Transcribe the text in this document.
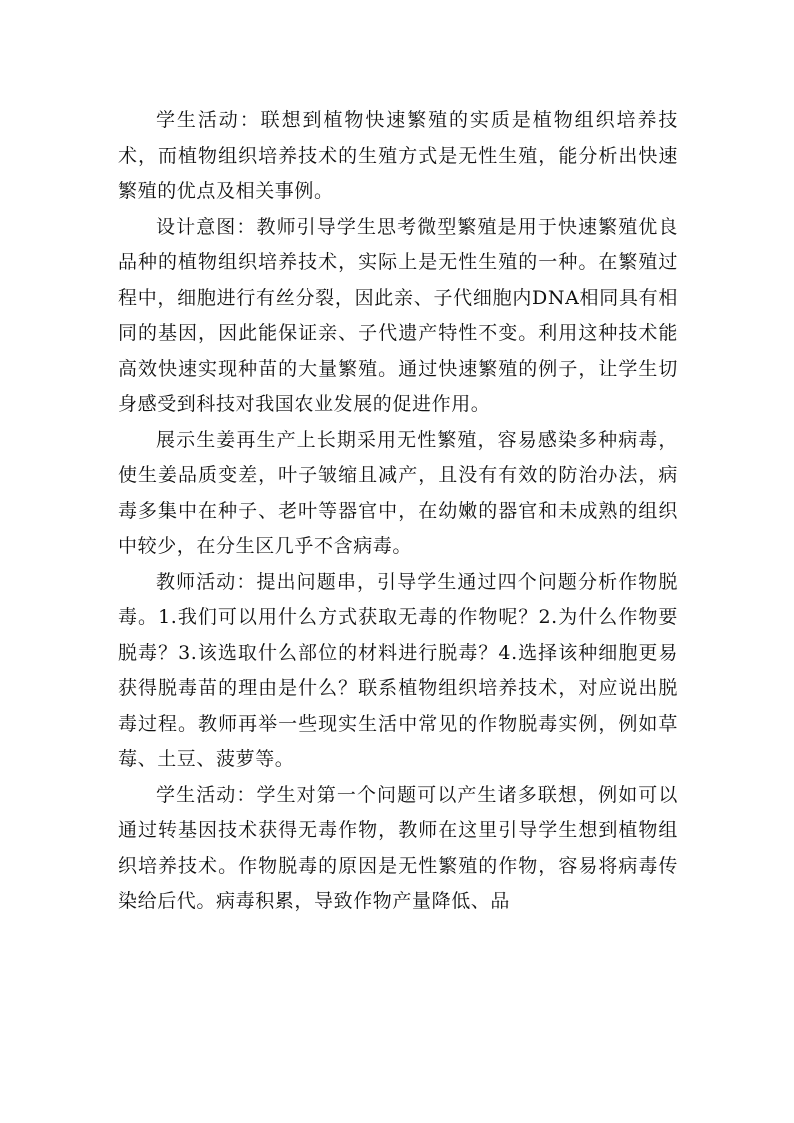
学生活动：联想到植物快速繁殖的实质是植物组织培养技术，而植物组织培养技术的生殖方式是无性生殖，能分析出快速繁殖的优点及相关事例。

设计意图：教师引导学生思考微型繁殖是用于快速繁殖优良品种的植物组织培养技术，实际上是无性生殖的一种。在繁殖过程中，细胞进行有丝分裂，因此亲、子代细胞内DNA相同具有相同的基因，因此能保证亲、子代遗产特性不变。利用这种技术能高效快速实现种苗的大量繁殖。通过快速繁殖的例子，让学生切身感受到科技对我国农业发展的促进作用。

展示生姜再生产上长期采用无性繁殖，容易感染多种病毒，使生姜品质变差，叶子皱缩且减产，且没有有效的防治办法，病毒多集中在种子、老叶等器官中，在幼嫩的器官和未成熟的组织中较少，在分生区几乎不含病毒。

教师活动：提出问题串，引导学生通过四个问题分析作物脱毒。1.我们可以用什么方式获取无毒的作物呢？2.为什么作物要脱毒？3.该选取什么部位的材料进行脱毒？4.选择该种细胞更易获得脱毒苗的理由是什么？联系植物组织培养技术，对应说出脱毒过程。教师再举一些现实生活中常见的作物脱毒实例，例如草莓、土豆、菠萝等。

学生活动：学生对第一个问题可以产生诸多联想，例如可以通过转基因技术获得无毒作物，教师在这里引导学生想到植物组织培养技术。作物脱毒的原因是无性繁殖的作物，容易将病毒传染给后代。病毒积累，导致作物产量降低、品
